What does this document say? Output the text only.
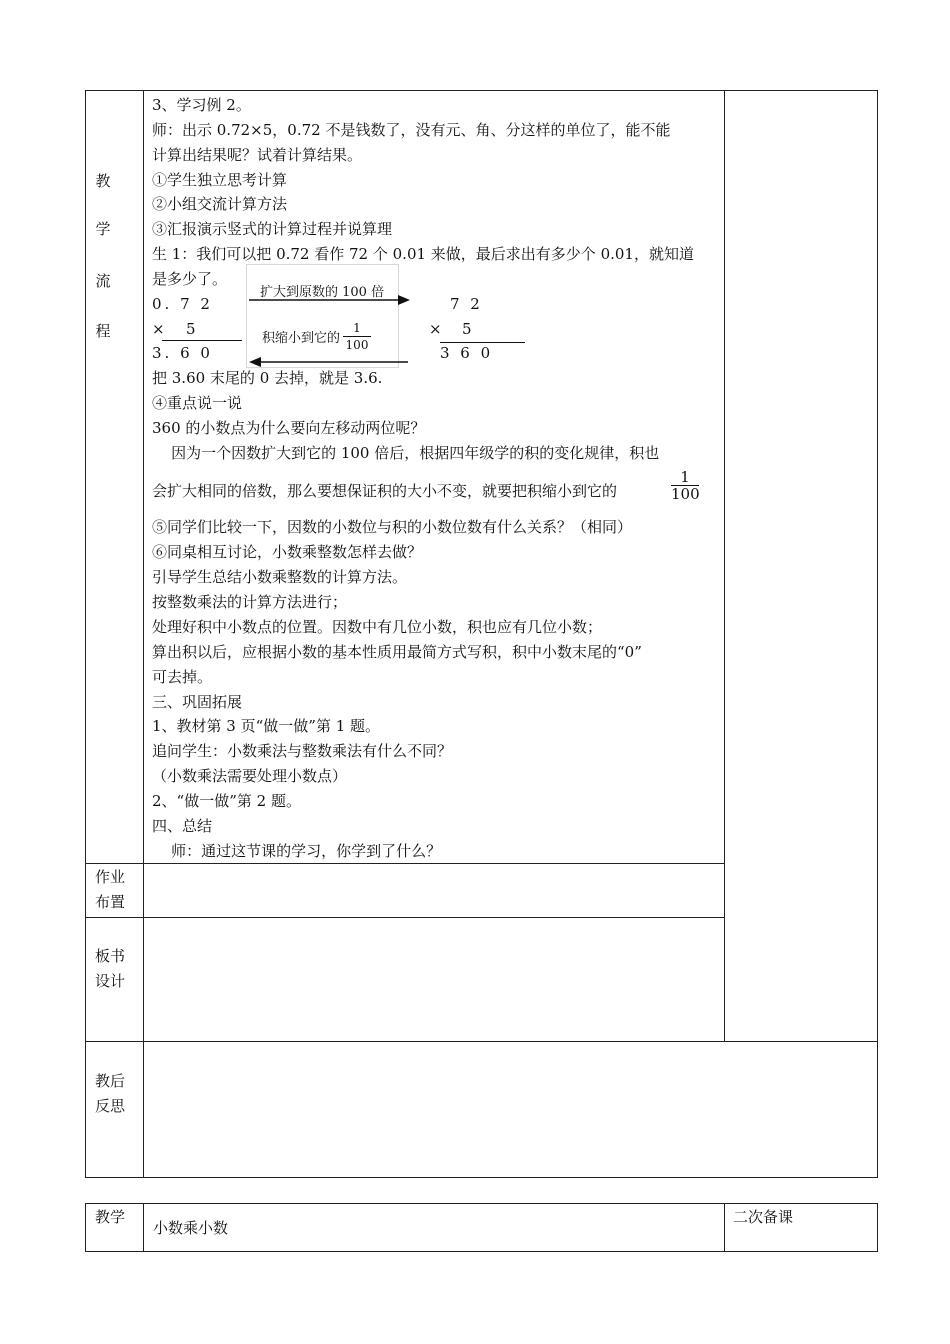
教
学
流
程
3、学习例 2。
师：出示 0.72×5，0.72 不是钱数了，没有元、角、分这样的单位了，能不能
计算出结果呢？试着计算结果。
①学生独立思考计算
②小组交流计算方法
③汇报演示竖式的计算过程并说算理
生 1：我们可以把 0.72 看作 72 个 0.01 来做，最后求出有多少个 0.01，就知道
是多少了。
0. 7 2
× 5
3. 6 0
扩大到原数的 100 倍
积缩小到它的
1
100
7 2
× 5
3 6 0
把 3.60 末尾的 0 去掉，就是 3.6.
④重点说一说
360 的小数点为什么要向左移动两位呢？
因为一个因数扩大到它的 100 倍后，根据四年级学的积的变化规律，积也
会扩大相同的倍数，那么要想保证积的大小不变，就要把积缩小到它的
1
100
⑤同学们比较一下，因数的小数位与积的小数位数有什么关系？（相同）
⑥同桌相互讨论，小数乘整数怎样去做？
引导学生总结小数乘整数的计算方法。
按整数乘法的计算方法进行；
处理好积中小数点的位置。因数中有几位小数，积也应有几位小数；
算出积以后，应根据小数的基本性质用最简方式写积，积中小数末尾的“0”
可去掉。
三、巩固拓展
1、教材第 3 页“做一做”第 1 题。
追问学生：小数乘法与整数乘法有什么不同？
（小数乘法需要处理小数点）
2、“做一做”第 2 题。
四、总结
师：通过这节课的学习，你学到了什么？
作业
布置
板书
设计
教后
反思
教学
小数乘小数
二次备课
